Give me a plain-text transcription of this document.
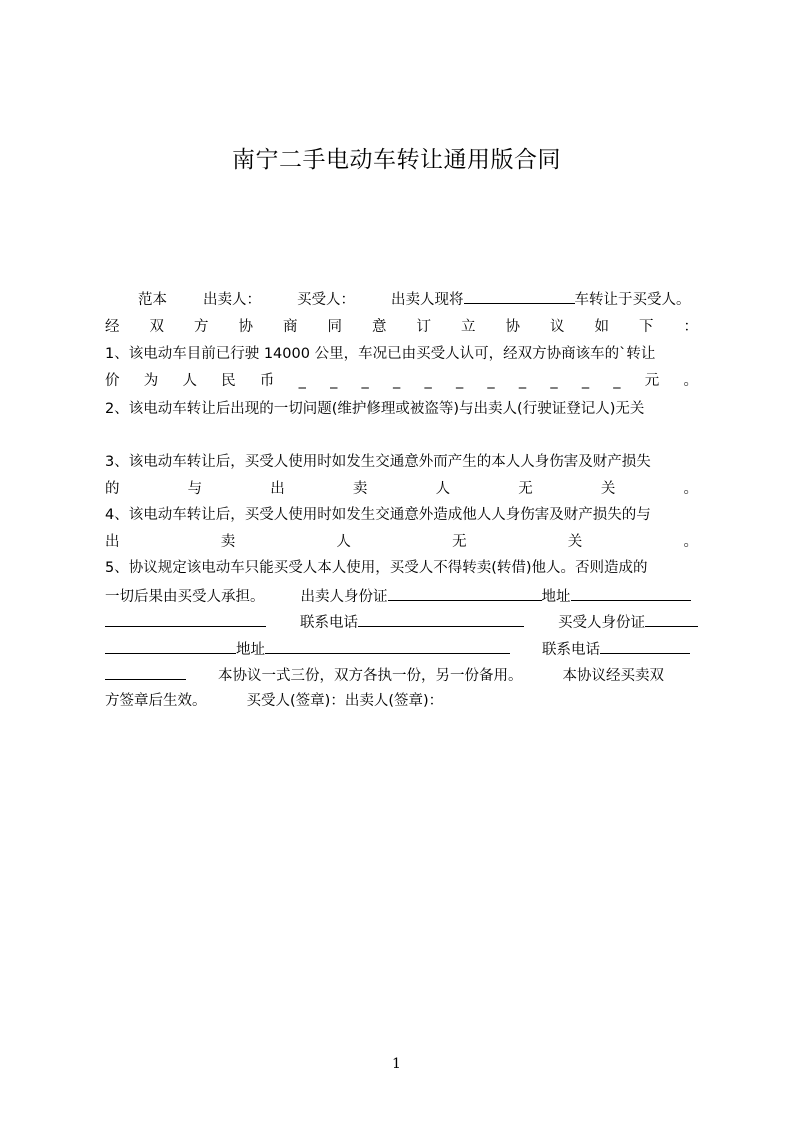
南宁二手电动车转让通用版合同
范本 出卖人： 买受人： 出卖人现将	车转让于买受人。
经 双 方 协 商 同 意 订 立 协 议 如 下 ：
1、该电动车目前已行驶 14000 公里，车况已由买受人认可，经双方协商该车的`转让
价 为 人 民 币 _ _ _ _ _ _ _ _ _ _ _ 元 。
2、该电动车转让后出现的一切问题(维护修理或被盗等)与出卖人(行驶证登记人)无关
3、该电动车转让后，买受人使用时如发生交通意外而产生的本人人身伤害及财产损失
的	与	出	卖	人	无	关	。
4、该电动车转让后，买受人使用时如发生交通意外造成他人人身伤害及财产损失的与
出	卖	人	无	关	。
5、协议规定该电动车只能买受人本人使用，买受人不得转卖(转借)他人。否则造成的
一切后果由买受人承担。 出卖人身份证	地址
联系电话	买受人身份证
地址	联系电话
本协议一式三份，双方各执一份，另一份备用。	本协议经买卖双
方签章后生效。	买受人(签章)：出卖人(签章)：
1
